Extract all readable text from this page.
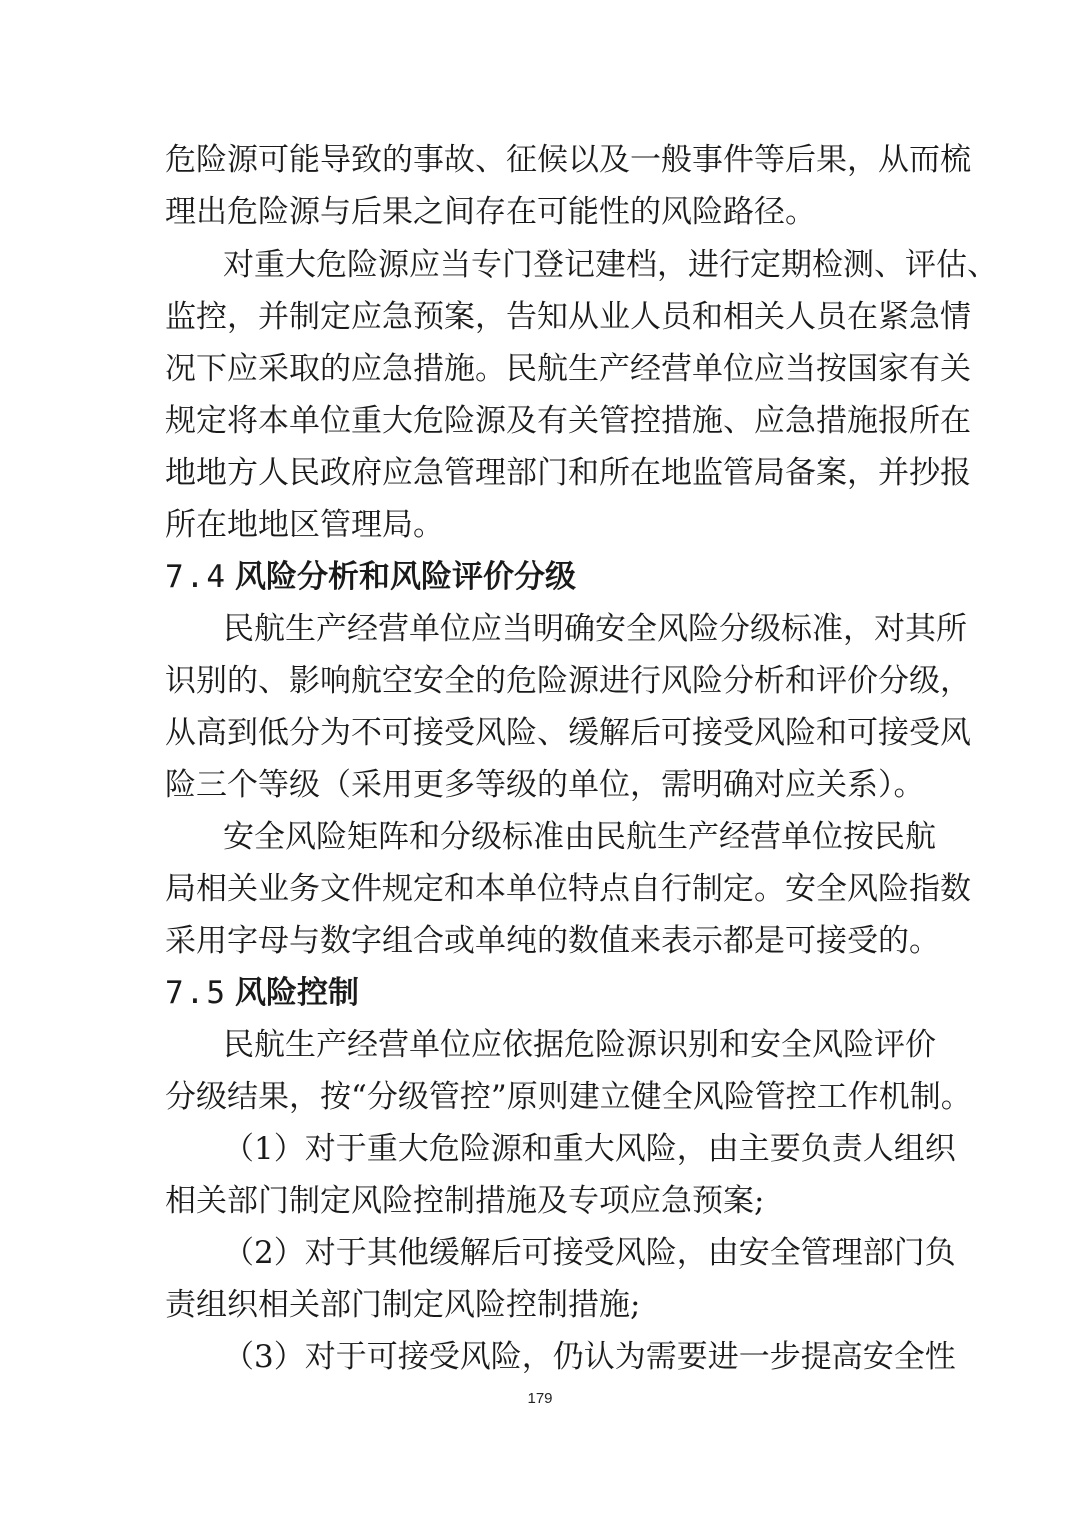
危险源可能导致的事故、征候以及一般事件等后果，从而梳
理出危险源与后果之间存在可能性的风险路径。
对重大危险源应当专门登记建档，进行定期检测、评估、
监控，并制定应急预案，告知从业人员和相关人员在紧急情
况下应采取的应急措施。民航生产经营单位应当按国家有关
规定将本单位重大危险源及有关管控措施、应急措施报所在
地地方人民政府应急管理部门和所在地监管局备案，并抄报
所在地地区管理局。
7.4 风险分析和风险评价分级
民航生产经营单位应当明确安全风险分级标准，对其所
识别的、影响航空安全的危险源进行风险分析和评价分级，
从高到低分为不可接受风险、缓解后可接受风险和可接受风
险三个等级（采用更多等级的单位，需明确对应关系）。
安全风险矩阵和分级标准由民航生产经营单位按民航
局相关业务文件规定和本单位特点自行制定。安全风险指数
采用字母与数字组合或单纯的数值来表示都是可接受的。
7.5 风险控制
民航生产经营单位应依据危险源识别和安全风险评价
分级结果，按“分级管控”原则建立健全风险管控工作机制。
（1）对于重大危险源和重大风险，由主要负责人组织
相关部门制定风险控制措施及专项应急预案;
（2）对于其他缓解后可接受风险，由安全管理部门负
责组织相关部门制定风险控制措施;
（3）对于可接受风险，仍认为需要进一步提高安全性
179
